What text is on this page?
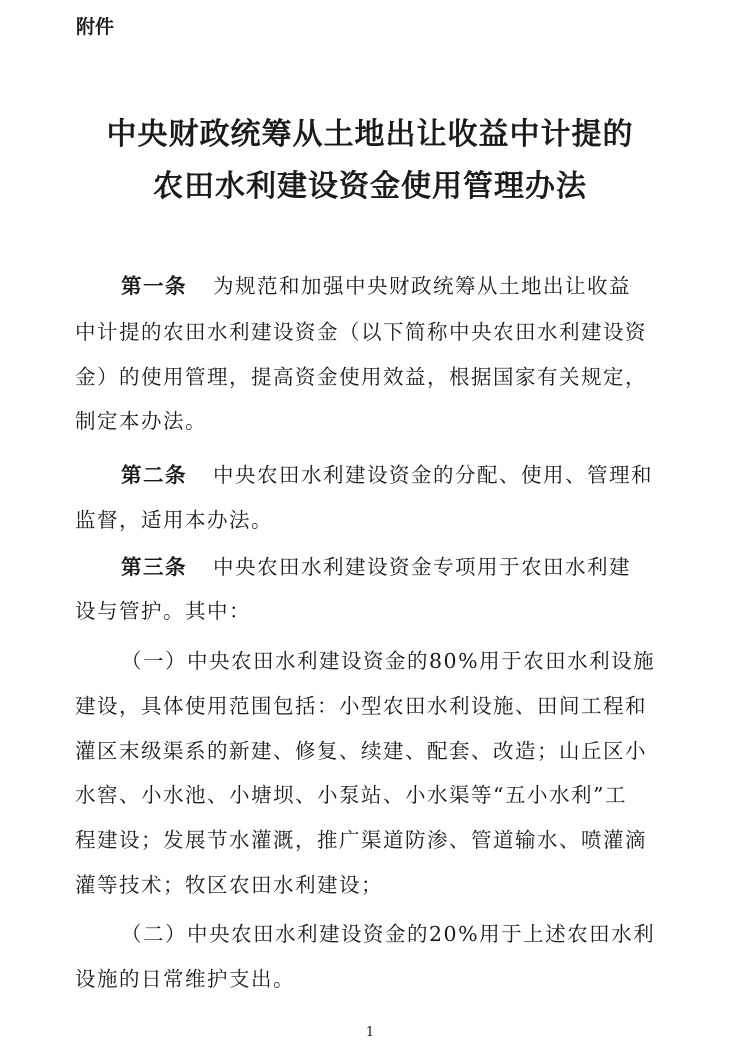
附件
中央财政统筹从土地出让收益中计提的
农田水利建设资金使用管理办法
第一条 为规范和加强中央财政统筹从土地出让收益
中计提的农田水利建设资金（以下简称中央农田水利建设资
金）的使用管理，提高资金使用效益，根据国家有关规定，
制定本办法。
第二条 中央农田水利建设资金的分配、使用、管理和
监督，适用本办法。
第三条 中央农田水利建设资金专项用于农田水利建
设与管护。其中：
（一）中央农田水利建设资金的80%用于农田水利设施
建设，具体使用范围包括：小型农田水利设施、田间工程和
灌区末级渠系的新建、修复、续建、配套、改造；山丘区小
水窖、小水池、小塘坝、小泵站、小水渠等“五小水利”工
程建设；发展节水灌溉，推广渠道防渗、管道输水、喷灌滴
灌等技术；牧区农田水利建设；
（二）中央农田水利建设资金的20%用于上述农田水利
设施的日常维护支出。
1
